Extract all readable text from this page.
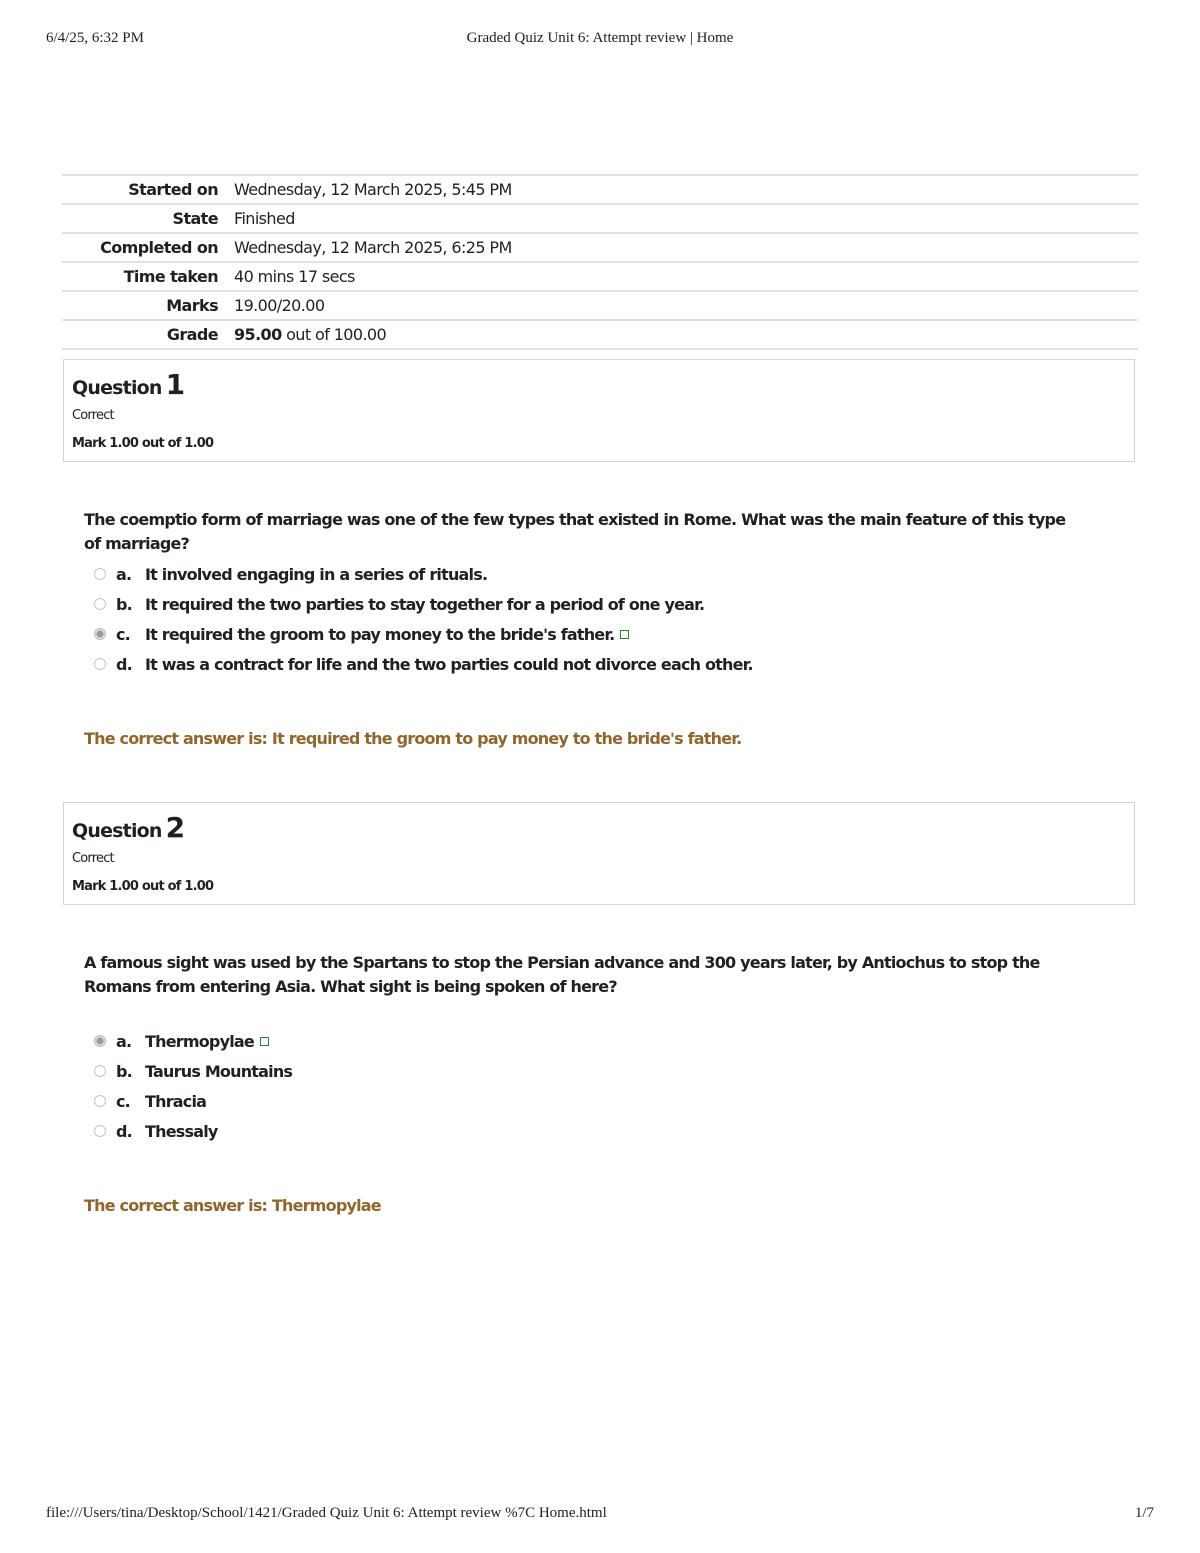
6/4/25, 6:32 PM	Graded Quiz Unit 6: Attempt review | Home
Started on	Wednesday, 12 March 2025, 5:45 PM
State	Finished
Completed on	Wednesday, 12 March 2025, 6:25 PM
Time taken	40 mins 17 secs
Marks	19.00/20.00
Grade	95.00 out of 100.00
Question 1
Correct
Mark 1.00 out of 1.00
The coemptio form of marriage was one of the few types that existed in Rome. What was the main feature of this type of marriage?
a. It involved engaging in a series of rituals.
b. It required the two parties to stay together for a period of one year.
c. It required the groom to pay money to the bride's father.
d. It was a contract for life and the two parties could not divorce each other.
The correct answer is: It required the groom to pay money to the bride's father.
Question 2
Correct
Mark 1.00 out of 1.00
A famous sight was used by the Spartans to stop the Persian advance and 300 years later, by Antiochus to stop the Romans from entering Asia. What sight is being spoken of here?
a. Thermopylae
b. Taurus Mountains
c. Thracia
d. Thessaly
The correct answer is: Thermopylae
file:///Users/tina/Desktop/School/1421/Graded Quiz Unit 6: Attempt review %7C Home.html	1/7
